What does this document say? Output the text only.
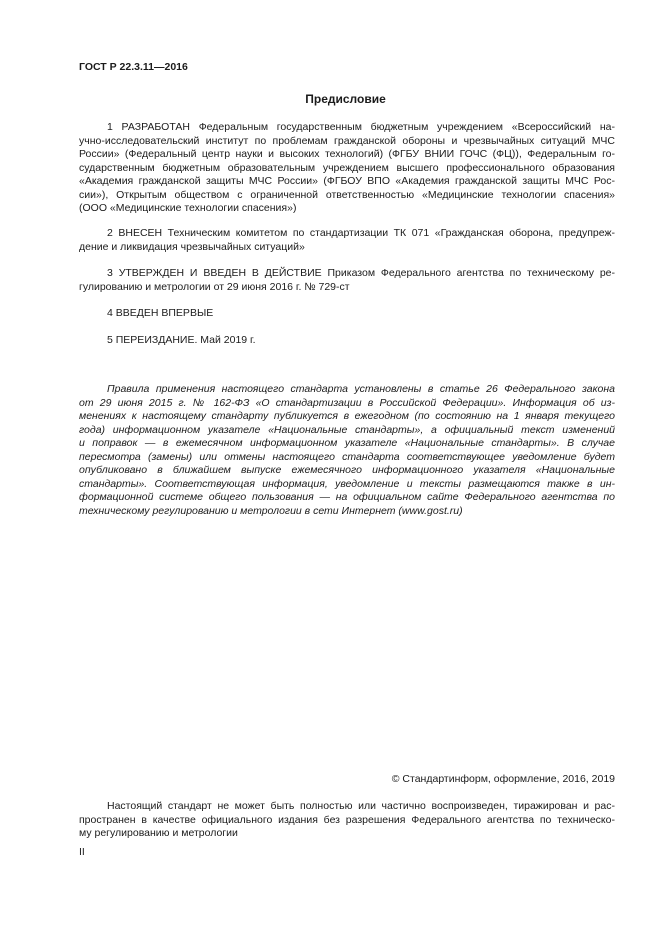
ГОСТ Р 22.3.11—2016
Предисловие
1 РАЗРАБОТАН Федеральным государственным бюджетным учреждением «Всероссийский на-
учно-исследовательский институт по проблемам гражданской обороны и чрезвычайных ситуаций МЧС
России» (Федеральный центр науки и высоких технологий) (ФГБУ ВНИИ ГОЧС (ФЦ)), Федеральным го-
сударственным бюджетным образовательным учреждением высшего профессионального образования
«Академия гражданской защиты МЧС России» (ФГБОУ ВПО «Академия гражданской защиты МЧС Рос-
сии»), Открытым обществом с ограниченной ответственностью «Медицинские технологии спасения»
(ООО «Медицинские технологии спасения»)
2 ВНЕСЕН Техническим комитетом по стандартизации ТК 071 «Гражданская оборона, предупреж-
дение и ликвидация чрезвычайных ситуаций»
3 УТВЕРЖДЕН И ВВЕДЕН В ДЕЙСТВИЕ Приказом Федерального агентства по техническому ре-
гулированию и метрологии от 29 июня 2016 г. № 729-ст
4 ВВЕДЕН ВПЕРВЫЕ
5 ПЕРЕИЗДАНИЕ. Май 2019 г.
Правила применения настоящего стандарта установлены в статье 26 Федерального закона
от 29 июня 2015 г. № 162-ФЗ «О стандартизации в Российской Федерации». Информация об из-
менениях к настоящему стандарту публикуется в ежегодном (по состоянию на 1 января текущего
года) информационном указателе «Национальные стандарты», а официальный текст изменений
и поправок — в ежемесячном информационном указателе «Национальные стандарты». В случае
пересмотра (замены) или отмены настоящего стандарта соответствующее уведомление будет
опубликовано в ближайшем выпуске ежемесячного информационного указателя «Национальные
стандарты». Соответствующая информация, уведомление и тексты размещаются также в ин-
формационной системе общего пользования — на официальном сайте Федерального агентства по
техническому регулированию и метрологии в сети Интернет (www.gost.ru)
© Стандартинформ, оформление, 2016, 2019
Настоящий стандарт не может быть полностью или частично воспроизведен, тиражирован и рас-
пространен в качестве официального издания без разрешения Федерального агентства по техническо-
му регулированию и метрологии
II
